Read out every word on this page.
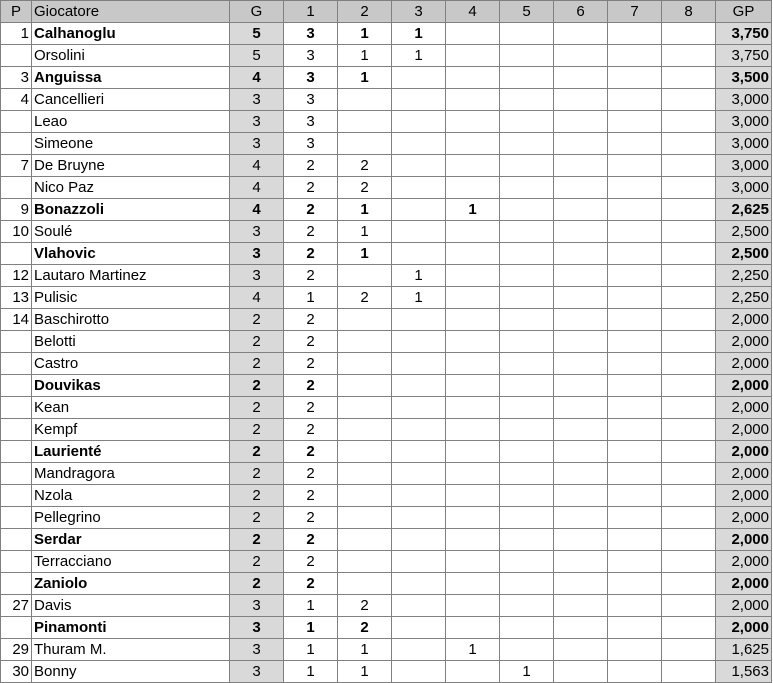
P	Giocatore	G	1	2	3	4	5	6	7	8	GP
1	Calhanoglu	5	3	1	1						3,750
	Orsolini	5	3	1	1						3,750
3	Anguissa	4	3	1							3,500
4	Cancellieri	3	3								3,000
	Leao	3	3								3,000
	Simeone	3	3								3,000
7	De Bruyne	4	2	2							3,000
	Nico Paz	4	2	2							3,000
9	Bonazzoli	4	2	1		1					2,625
10	Soulé	3	2	1							2,500
	Vlahovic	3	2	1							2,500
12	Lautaro Martinez	3	2		1						2,250
13	Pulisic	4	1	2	1						2,250
14	Baschirotto	2	2								2,000
	Belotti	2	2								2,000
	Castro	2	2								2,000
	Douvikas	2	2								2,000
	Kean	2	2								2,000
	Kempf	2	2								2,000
	Laurienté	2	2								2,000
	Mandragora	2	2								2,000
	Nzola	2	2								2,000
	Pellegrino	2	2								2,000
	Serdar	2	2								2,000
	Terracciano	2	2								2,000
	Zaniolo	2	2								2,000
27	Davis	3	1	2							2,000
	Pinamonti	3	1	2							2,000
29	Thuram M.	3	1	1		1					1,625
30	Bonny	3	1	1			1				1,563
